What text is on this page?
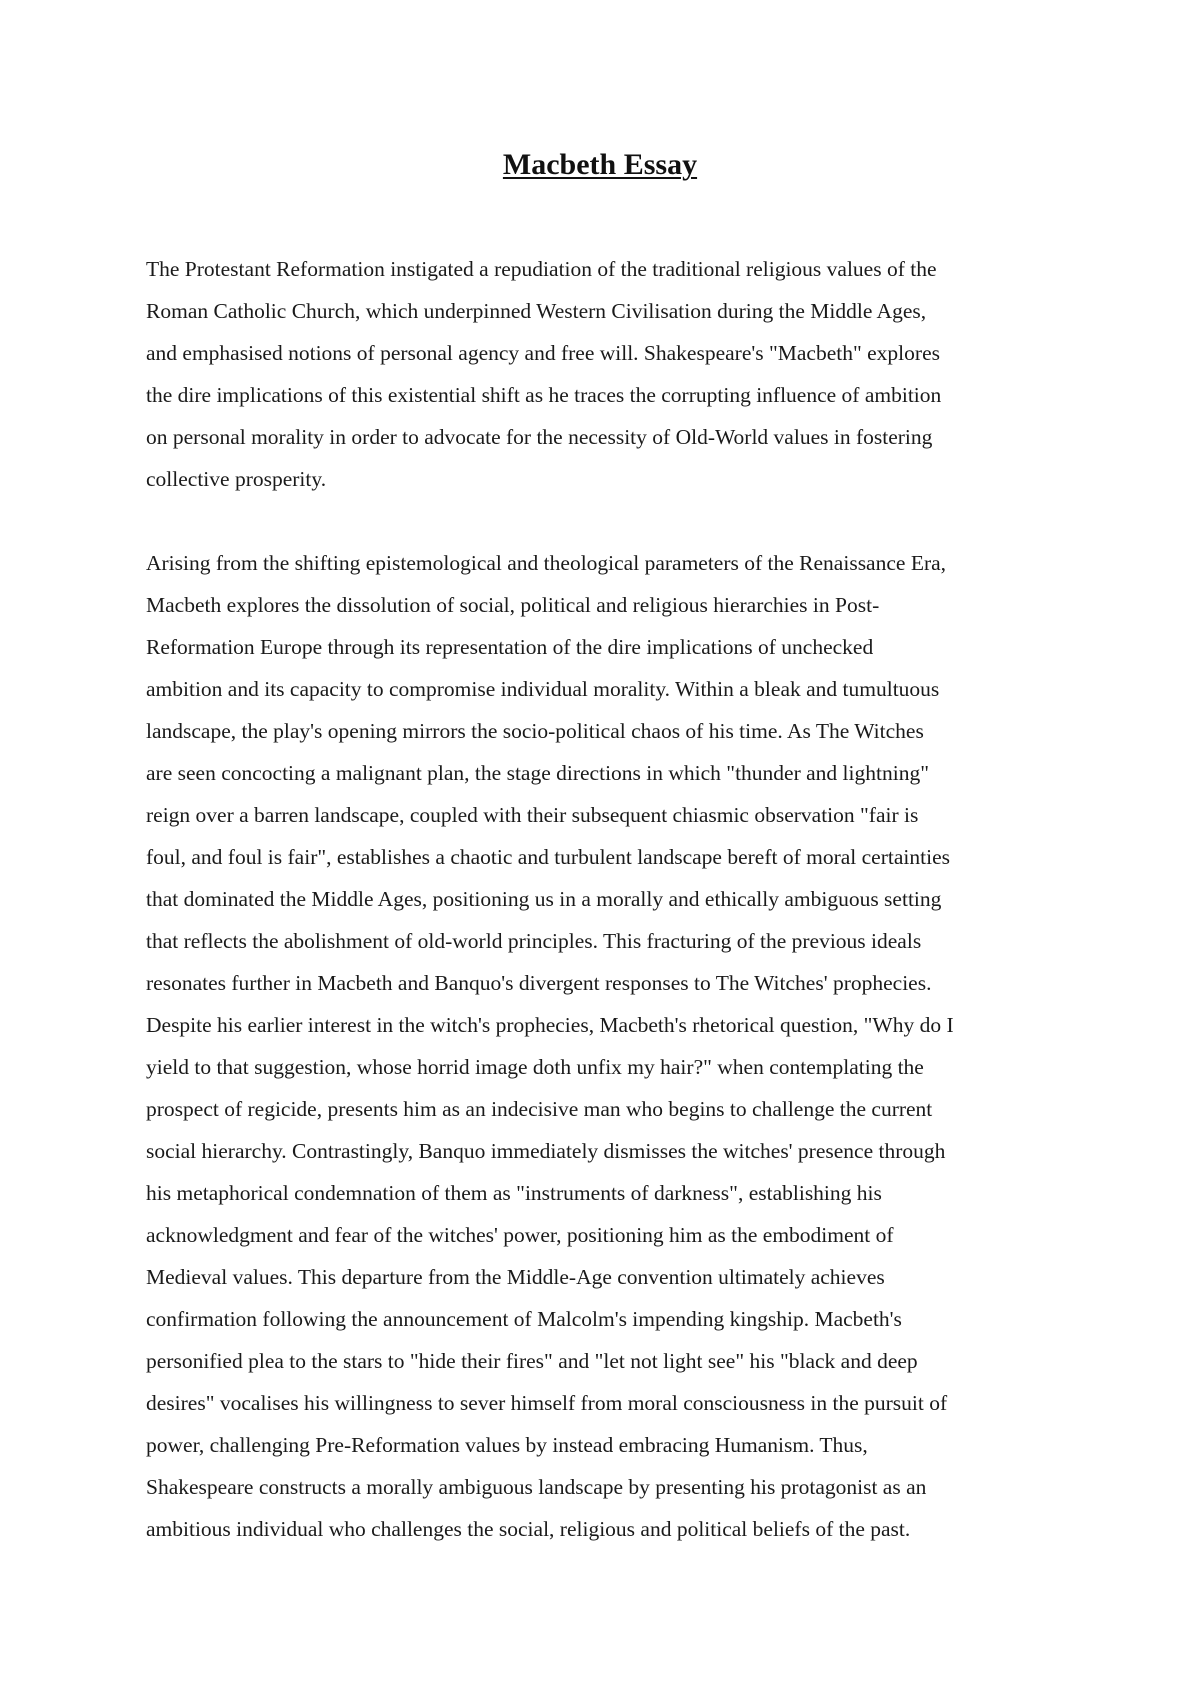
Macbeth Essay
The Protestant Reformation instigated a repudiation of the traditional religious values of the
Roman Catholic Church, which underpinned Western Civilisation during the Middle Ages,
and emphasised notions of personal agency and free will. Shakespeare's "Macbeth" explores
the dire implications of this existential shift as he traces the corrupting influence of ambition
on personal morality in order to advocate for the necessity of Old-World values in fostering
collective prosperity.
Arising from the shifting epistemological and theological parameters of the Renaissance Era,
Macbeth explores the dissolution of social, political and religious hierarchies in Post-
Reformation Europe through its representation of the dire implications of unchecked
ambition and its capacity to compromise individual morality. Within a bleak and tumultuous
landscape, the play's opening mirrors the socio-political chaos of his time. As The Witches
are seen concocting a malignant plan, the stage directions in which "thunder and lightning"
reign over a barren landscape, coupled with their subsequent chiasmic observation "fair is
foul, and foul is fair", establishes a chaotic and turbulent landscape bereft of moral certainties
that dominated the Middle Ages, positioning us in a morally and ethically ambiguous setting
that reflects the abolishment of old-world principles. This fracturing of the previous ideals
resonates further in Macbeth and Banquo's divergent responses to The Witches' prophecies.
Despite his earlier interest in the witch's prophecies, Macbeth's rhetorical question, "Why do I
yield to that suggestion, whose horrid image doth unfix my hair?" when contemplating the
prospect of regicide, presents him as an indecisive man who begins to challenge the current
social hierarchy. Contrastingly, Banquo immediately dismisses the witches' presence through
his metaphorical condemnation of them as "instruments of darkness", establishing his
acknowledgment and fear of the witches' power, positioning him as the embodiment of
Medieval values. This departure from the Middle-Age convention ultimately achieves
confirmation following the announcement of Malcolm's impending kingship. Macbeth's
personified plea to the stars to "hide their fires" and "let not light see" his "black and deep
desires" vocalises his willingness to sever himself from moral consciousness in the pursuit of
power, challenging Pre-Reformation values by instead embracing Humanism. Thus,
Shakespeare constructs a morally ambiguous landscape by presenting his protagonist as an
ambitious individual who challenges the social, religious and political beliefs of the past.
